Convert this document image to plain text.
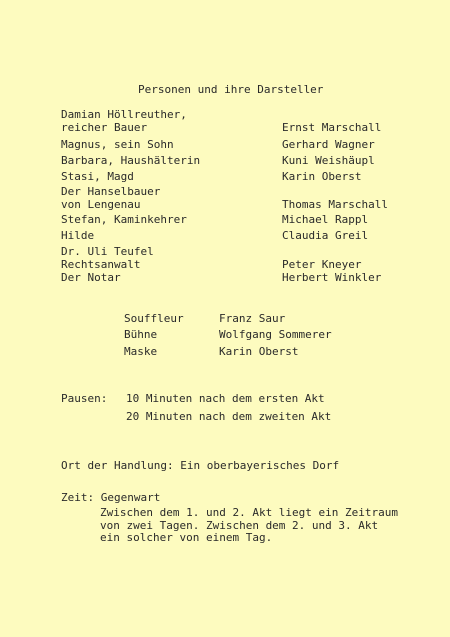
Personen und ihre Darsteller
Damian Höllreuther,
reicher Bauer	Ernst Marschall
Magnus, sein Sohn	Gerhard Wagner
Barbara, Haushälterin	Kuni Weishäupl
Stasi, Magd	Karin Oberst
Der Hanselbauer
von Lengenau	Thomas Marschall
Stefan, Kaminkehrer	Michael Rappl
Hilde	Claudia Greil
Dr. Uli Teufel
Rechtsanwalt	Peter Kneyer
Der Notar	Herbert Winkler
Souffleur	Franz Saur
Bühne	Wolfgang Sommerer
Maske	Karin Oberst
Pausen: 10 Minuten nach dem ersten Akt
20 Minuten nach dem zweiten Akt
Ort der Handlung: Ein oberbayerisches Dorf
Zeit: Gegenwart
Zwischen dem 1. und 2. Akt liegt ein Zeitraum
von zwei Tagen. Zwischen dem 2. und 3. Akt
ein solcher von einem Tag.
